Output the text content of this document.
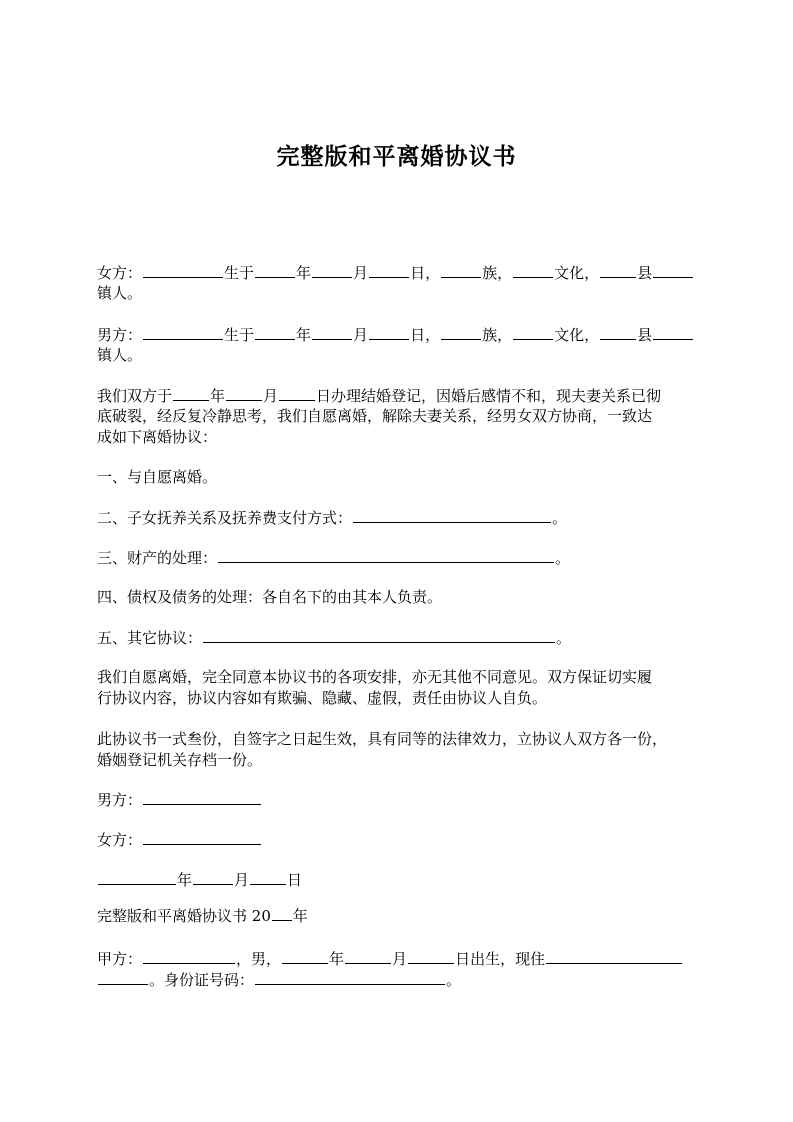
完整版和平离婚协议书
女方：	生于	年	月	日，	族，	文化，	县
镇人。
男方：	生于	年	月	日，	族，	文化，	县
镇人。
我们双方于	年	月	日办理结婚登记，因婚后感情不和，现夫妻关系已彻
底破裂，经反复冷静思考，我们自愿离婚，解除夫妻关系，经男女双方协商，一致达
成如下离婚协议：
一、与自愿离婚。
二、子女抚养关系及抚养费支付方式：	。
三、财产的处理：	。
四、债权及债务的处理：各自名下的由其本人负责。
五、其它协议：	。
我们自愿离婚，完全同意本协议书的各项安排，亦无其他不同意见。双方保证切实履
行协议内容，协议内容如有欺骗、隐藏、虚假，责任由协议人自负。
此协议书一式叁份，自签字之日起生效，具有同等的法律效力，立协议人双方各一份，
婚姻登记机关存档一份。
男方：
女方：
年	月	日
完整版和平离婚协议书 20 年
甲方：	，男，	年	月	日出生，现住
。身份证号码：	。
